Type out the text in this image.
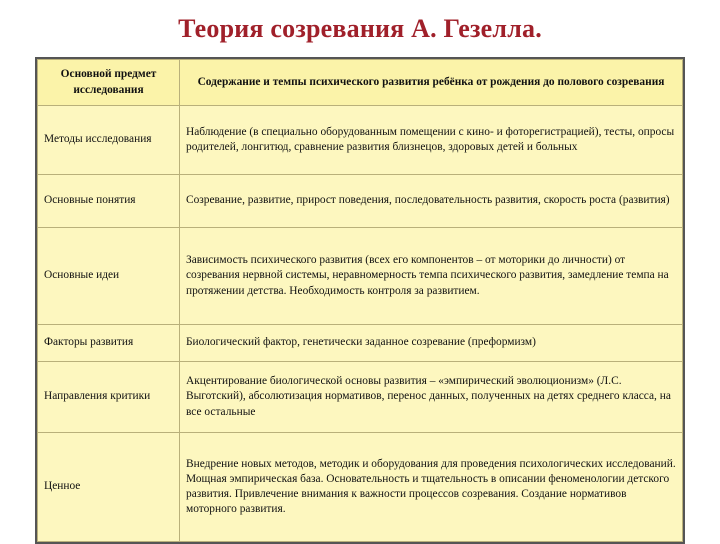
Теория созревания А. Гезелла.
Основной предмет исследования	Содержание и темпы психического развития ребёнка от рождения до полового созревания
Методы исследования	Наблюдение (в специально оборудованным помещении с кино- и фоторегистрацией), тесты, опросы родителей, лонгитюд, сравнение развития близнецов, здоровых детей и больных
Основные понятия	Созревание, развитие, прирост поведения, последовательность развития, скорость роста (развития)
Основные идеи	Зависимость психического развития (всех его компонентов – от моторики до личности) от созревания нервной системы, неравномерность темпа психического развития, замедление темпа на протяжении детства. Необходимость контроля за развитием.
Факторы развития	Биологический фактор, генетически заданное созревание (преформизм)
Направления критики	Акцентирование биологической основы развития – «эмпирический эволюционизм» (Л.С. Выготский), абсолютизация нормативов, перенос данных, полученных на детях среднего класса, на все остальные
Ценное	Внедрение новых методов, методик и оборудования для проведения психологических исследований. Мощная эмпирическая база. Основательность и тщательность в описании феноменологии детского развития. Привлечение внимания к важности процессов созревания. Создание нормативов моторного развития.
